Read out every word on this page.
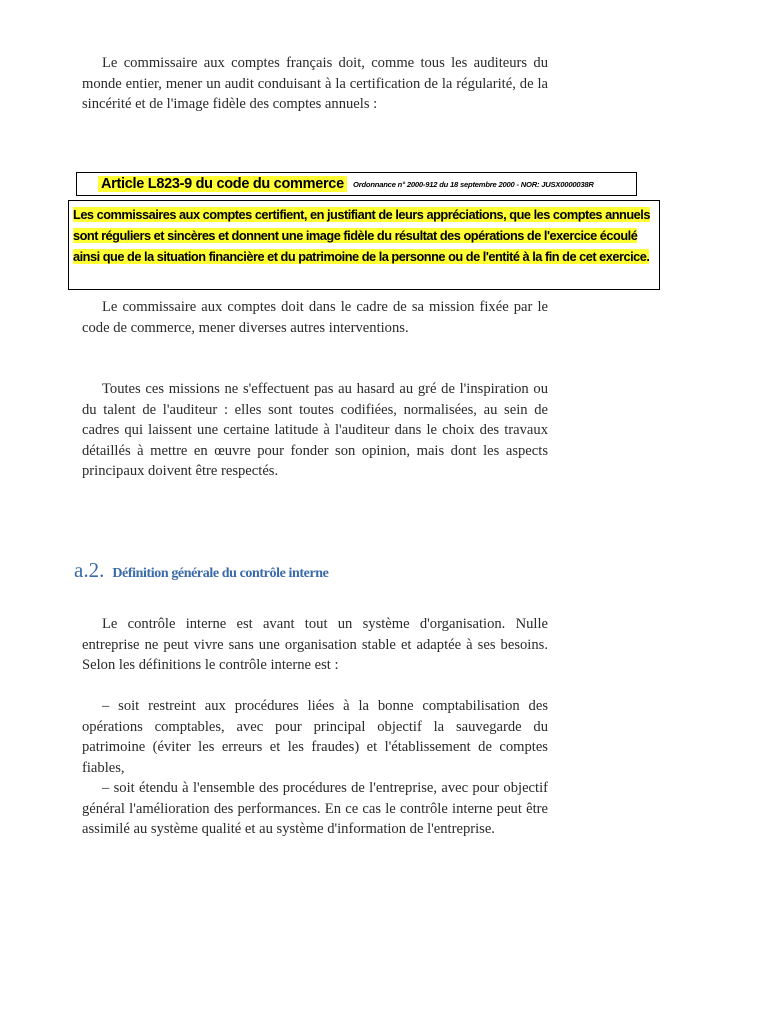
Le commissaire aux comptes français doit, comme tous les auditeurs du monde entier, mener un audit conduisant à la certification de la régularité, de la sincérité et de l'image fidèle des comptes annuels :

Article L823-9 du code du commerce	Ordonnance n° 2000-912 du 18 septembre 2000 - NOR: JUSX0000038R
Les commissaires aux comptes certifient, en justifiant de leurs appréciations, que les comptes annuels sont réguliers et sincères et donnent une image fidèle du résultat des opérations de l'exercice écoulé ainsi que de la situation financière et du patrimoine de la personne ou de l'entité à la fin de cet exercice.

Le commissaire aux comptes doit dans le cadre de sa mission fixée par le code de commerce, mener diverses autres interventions.

Toutes ces missions ne s'effectuent pas au hasard au gré de l'inspiration ou du talent de l'auditeur : elles sont toutes codifiées, normalisées, au sein de cadres qui laissent une certaine latitude à l'auditeur dans le choix des travaux détaillés à mettre en œuvre pour fonder son opinion, mais dont les aspects principaux doivent être respectés.

a.2. Définition générale du contrôle interne

Le contrôle interne est avant tout un système d'organisation. Nulle entreprise ne peut vivre sans une organisation stable et adaptée à ses besoins. Selon les définitions le contrôle interne est :

– soit restreint aux procédures liées à la bonne comptabilisation des opérations comptables, avec pour principal objectif la sauvegarde du patrimoine (éviter les erreurs et les fraudes) et l'établissement de comptes fiables,

– soit étendu à l'ensemble des procédures de l'entreprise, avec pour objectif général l'amélioration des performances. En ce cas le contrôle interne peut être assimilé au système qualité et au système d'information de l'entreprise.
